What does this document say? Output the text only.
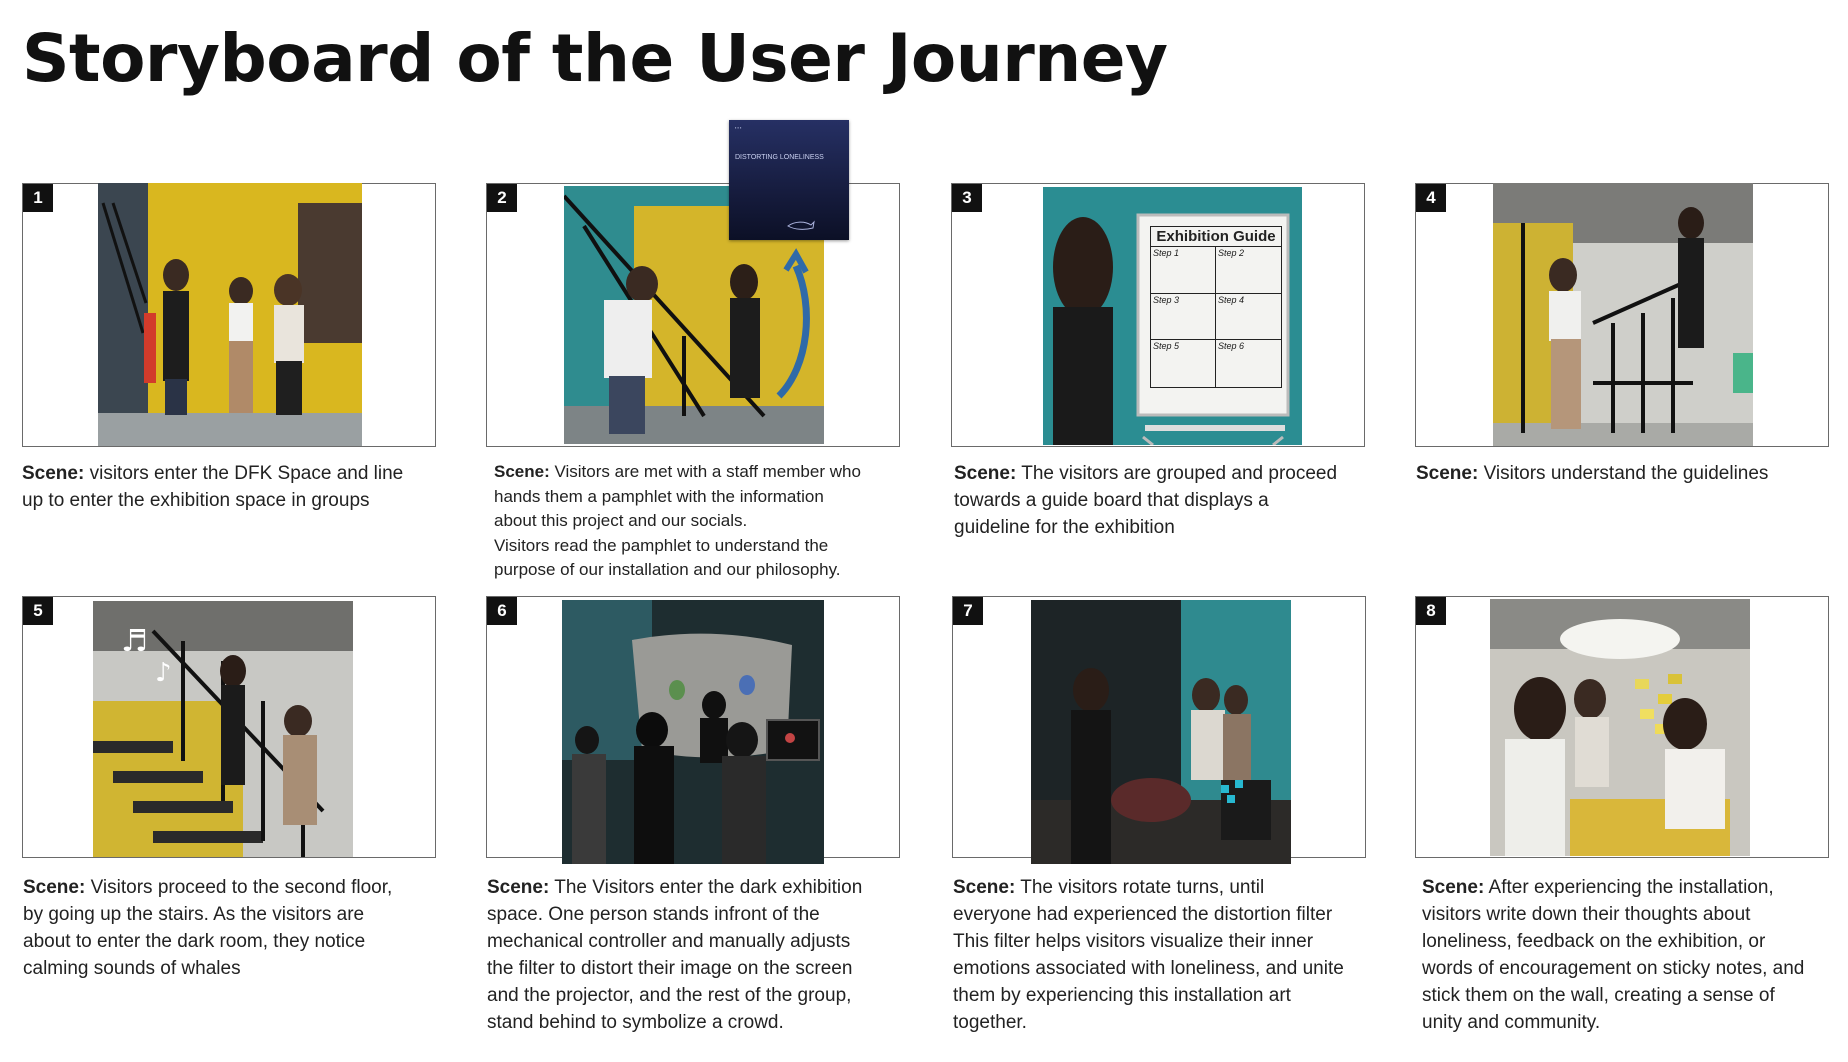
Storyboard of the User Journey
1
Scene: visitors enter the DFK Space and line
up to enter the exhibition space in groups
2
▪ ▪ ▪
DISTORTING LONELINESS
Scene: Visitors are met with a staff member who
hands them a pamphlet with the information
about this project and our socials.
Visitors read the pamphlet to understand the
purpose of our installation and our philosophy.
3
Exhibition Guide
Step 1	Step 2
Step 3	Step 4
Step 5	Step 6
Scene: The visitors are grouped and proceed
towards a guide board that displays a
guideline for the exhibition
4
Scene: Visitors understand the guidelines
5
♬
♪
Scene: Visitors proceed to the second floor,
by going up the stairs. As the visitors are
about to enter the dark room, they notice
calming sounds of whales
6
Scene: The Visitors enter the dark exhibition
space. One person stands infront of the
mechanical controller and manually adjusts
the filter to distort their image on the screen
and the projector, and the rest of the group,
stand behind to symbolize a crowd.
7
Scene: The visitors rotate turns, until
everyone had experienced the distortion filter
This filter helps visitors visualize their inner
emotions associated with loneliness, and unite
them by experiencing this installation art
together.
8
Scene: After experiencing the installation,
visitors write down their thoughts about
loneliness, feedback on the exhibition, or
words of encouragement on sticky notes, and
stick them on the wall, creating a sense of
unity and community.
